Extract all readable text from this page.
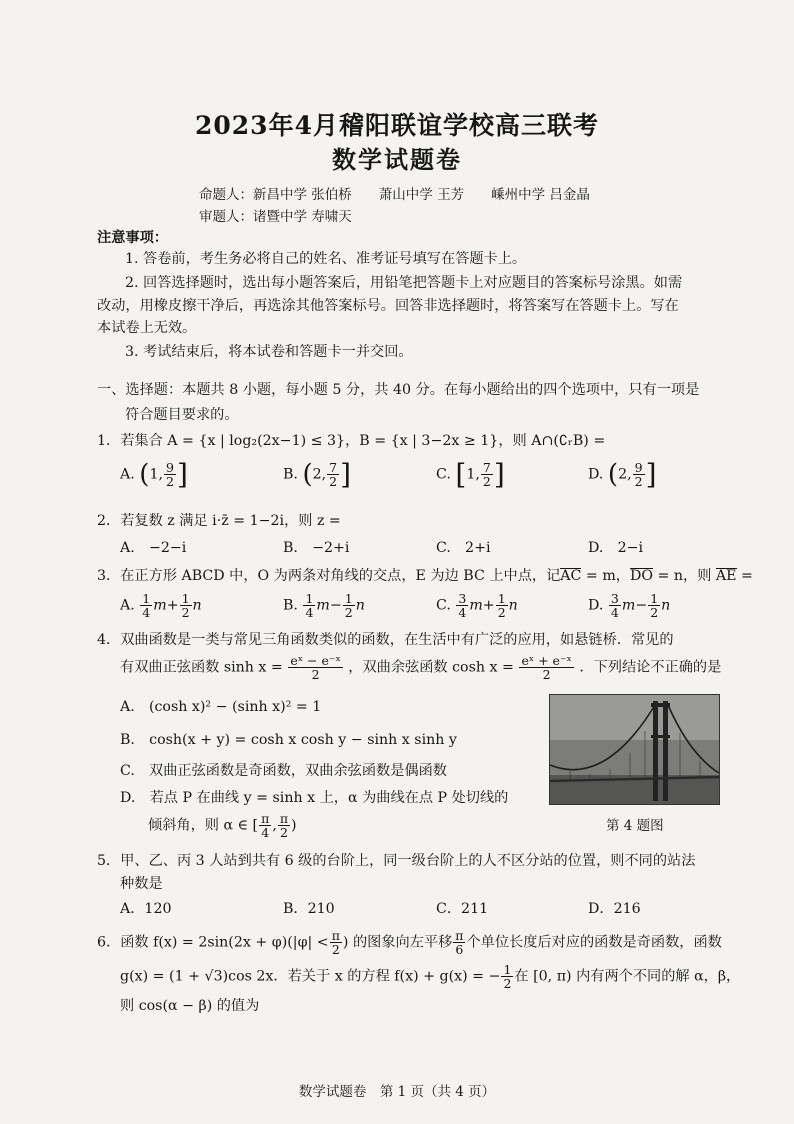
2023年4月稽阳联谊学校高三联考
数学试题卷
命题人：新昌中学 张伯桥　　萧山中学 王芳　　嵊州中学 吕金晶
审题人：诸暨中学 寿啸天
注意事项：
1. 答卷前，考生务必将自己的姓名、准考证号填写在答题卡上。
2. 回答选择题时，选出每小题答案后，用铅笔把答题卡上对应题目的答案标号涂黑。如需
改动，用橡皮擦干净后，再选涂其他答案标号。回答非选择题时，将答案写在答题卡上。写在
本试卷上无效。
3. 考试结束后，将本试卷和答题卡一并交回。
一、选择题：本题共 8 小题，每小题 5 分，共 40 分。在每小题给出的四个选项中，只有一项是
符合题目要求的。
1．若集合 A = {x | log₂(2x−1) ≤ 3}，B = {x | 3−2x ≥ 1}，则 A∩(∁ᵣB) =
A. (1, $\frac{9}{2}$ ]	B. (2, $\frac{7}{2}$ ]	C. [1, $\frac{7}{2}$ ]	D. (2, $\frac{9}{2}$ ]
2．若复数 z 满足 i·z̄ = 1−2i，则 z =
A.　−2−i	B.　−2+i	C.　2+i	D.　2−i
3．在正方形 ABCD 中，O 为两条对角线的交点，E 为边 BC 上中点，记AC = m，DO = n，则 AE =
A. $\frac{1}{4} m+ \frac{1}{2}$ n	B. $\frac{1}{4} m- \frac{1}{2}$ n	C. $\frac{3}{4} m+ \frac{1}{2}$ n	D. $\frac{3}{4} m- \frac{1}{2}$ n
4．双曲函数是一类与常见三角函数类似的函数，在生活中有广泛的应用，如悬链桥．常见的
有双曲正弦函数 $\sinh x = \frac{\text{eˣ − e⁻ˣ}}{2}$ ，双曲余弦函数 $\cosh x = \frac{\text{eˣ + e⁻ˣ}}{2}$ ．下列结论不正确的是
A.　(cosh x)² − (sinh x)² = 1
B.　cosh(x + y) = cosh x cosh y − sinh x sinh y
C.　双曲正弦函数是奇函数，双曲余弦函数是偶函数
D.　若点 P 在曲线 y = sinh x 上，α 为曲线在点 P 处切线的
倾斜角，则 α ∈ [ $\frac{\pi}{4}$ , $\frac{\pi}{2}$ )	第 4 题图
5．甲、乙、丙 3 人站到共有 6 级的台阶上，同一级台阶上的人不区分站的位置，则不同的站法
种数是
A．120	B．210	C．211	D．216
6．函数 $f(x) = 2\sin(2x + \varphi)(|\varphi| < \frac{\pi}{2}$ ) 的图象向左平移 $\frac{\pi}{6}$ 个单位长度后对应的函数是奇函数，函数
g(x) = (1 + √3)cos 2x．若关于 x 的方程 f(x) + g(x) = − $\frac{1}{2}$ 在 [0, π) 内有两个不同的解 α，β，
则 cos(α − β) 的值为
数学试题卷　第 1 页（共 4 页）
